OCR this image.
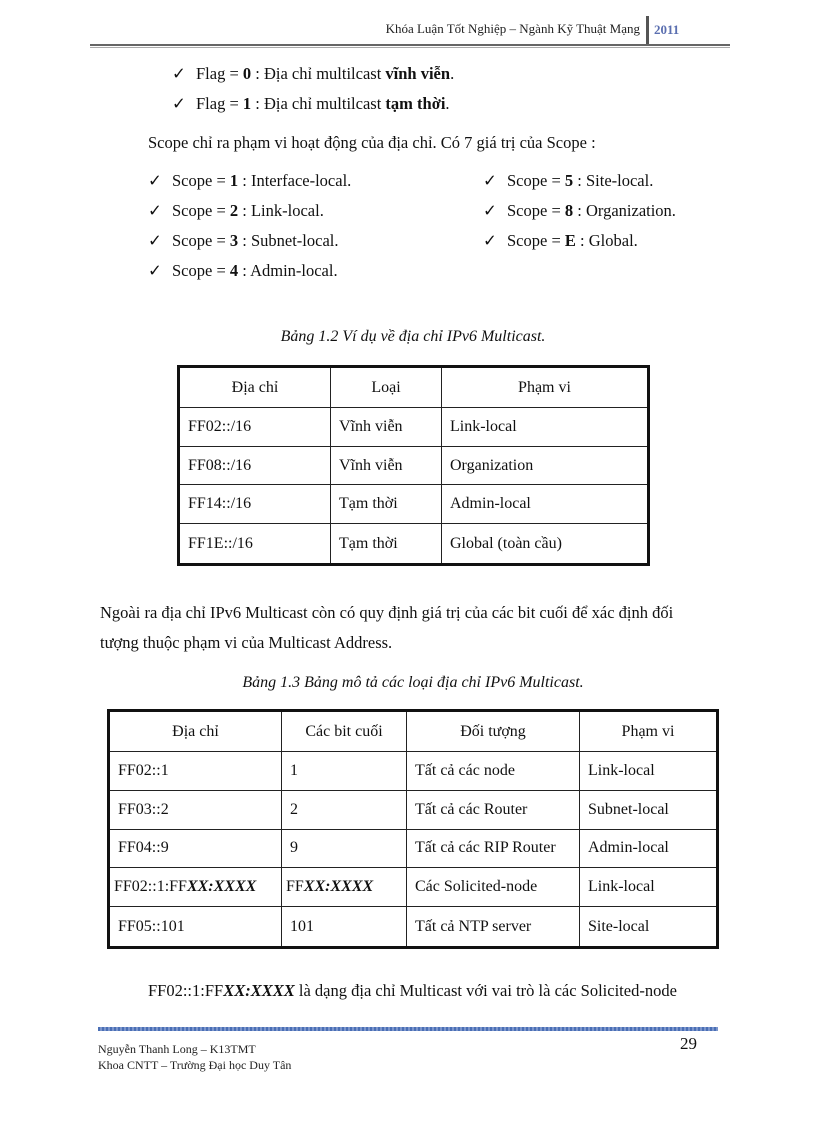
Khóa Luận Tốt Nghiệp – Ngành Kỹ Thuật Mạng 2011
✓ Flag = 0 : Địa chỉ multilcast vĩnh viễn.
✓ Flag = 1 : Địa chỉ multilcast tạm thời.
Scope chỉ ra phạm vi hoạt động của địa chỉ. Có 7 giá trị của Scope :
✓ Scope = 1 : Interface-local.
✓ Scope = 2 : Link-local.
✓ Scope = 3 : Subnet-local.
✓ Scope = 4 : Admin-local.
✓ Scope = 5 : Site-local.
✓ Scope = 8 : Organization.
✓ Scope = E : Global.
Bảng 1.2 Ví dụ về địa chỉ IPv6 Multicast.
Địa chỉ	Loại	Phạm vi
FF02::/16	Vĩnh viễn	Link-local
FF08::/16	Vĩnh viễn	Organization
FF14::/16	Tạm thời	Admin-local
FF1E::/16	Tạm thời	Global (toàn cầu)
Ngoài ra địa chỉ IPv6 Multicast còn có quy định giá trị của các bit cuối để xác định đối
tượng thuộc phạm vi của Multicast Address.
Bảng 1.3 Bảng mô tả các loại địa chỉ IPv6 Multicast.
Địa chỉ	Các bit cuối	Đối tượng	Phạm vi
FF02::1	1	Tất cả các node	Link-local
FF03::2	2	Tất cả các Router	Subnet-local
FF04::9	9	Tất cả các RIP Router	Admin-local
FF02::1:FFXX:XXXX	FFXX:XXXX	Các Solicited-node	Link-local
FF05::101	101	Tất cả NTP server	Site-local
FF02::1:FFXX:XXXX là dạng địa chỉ Multicast với vai trò là các Solicited-node
29
Nguyễn Thanh Long – K13TMT
Khoa CNTT – Trường Đại học Duy Tân
